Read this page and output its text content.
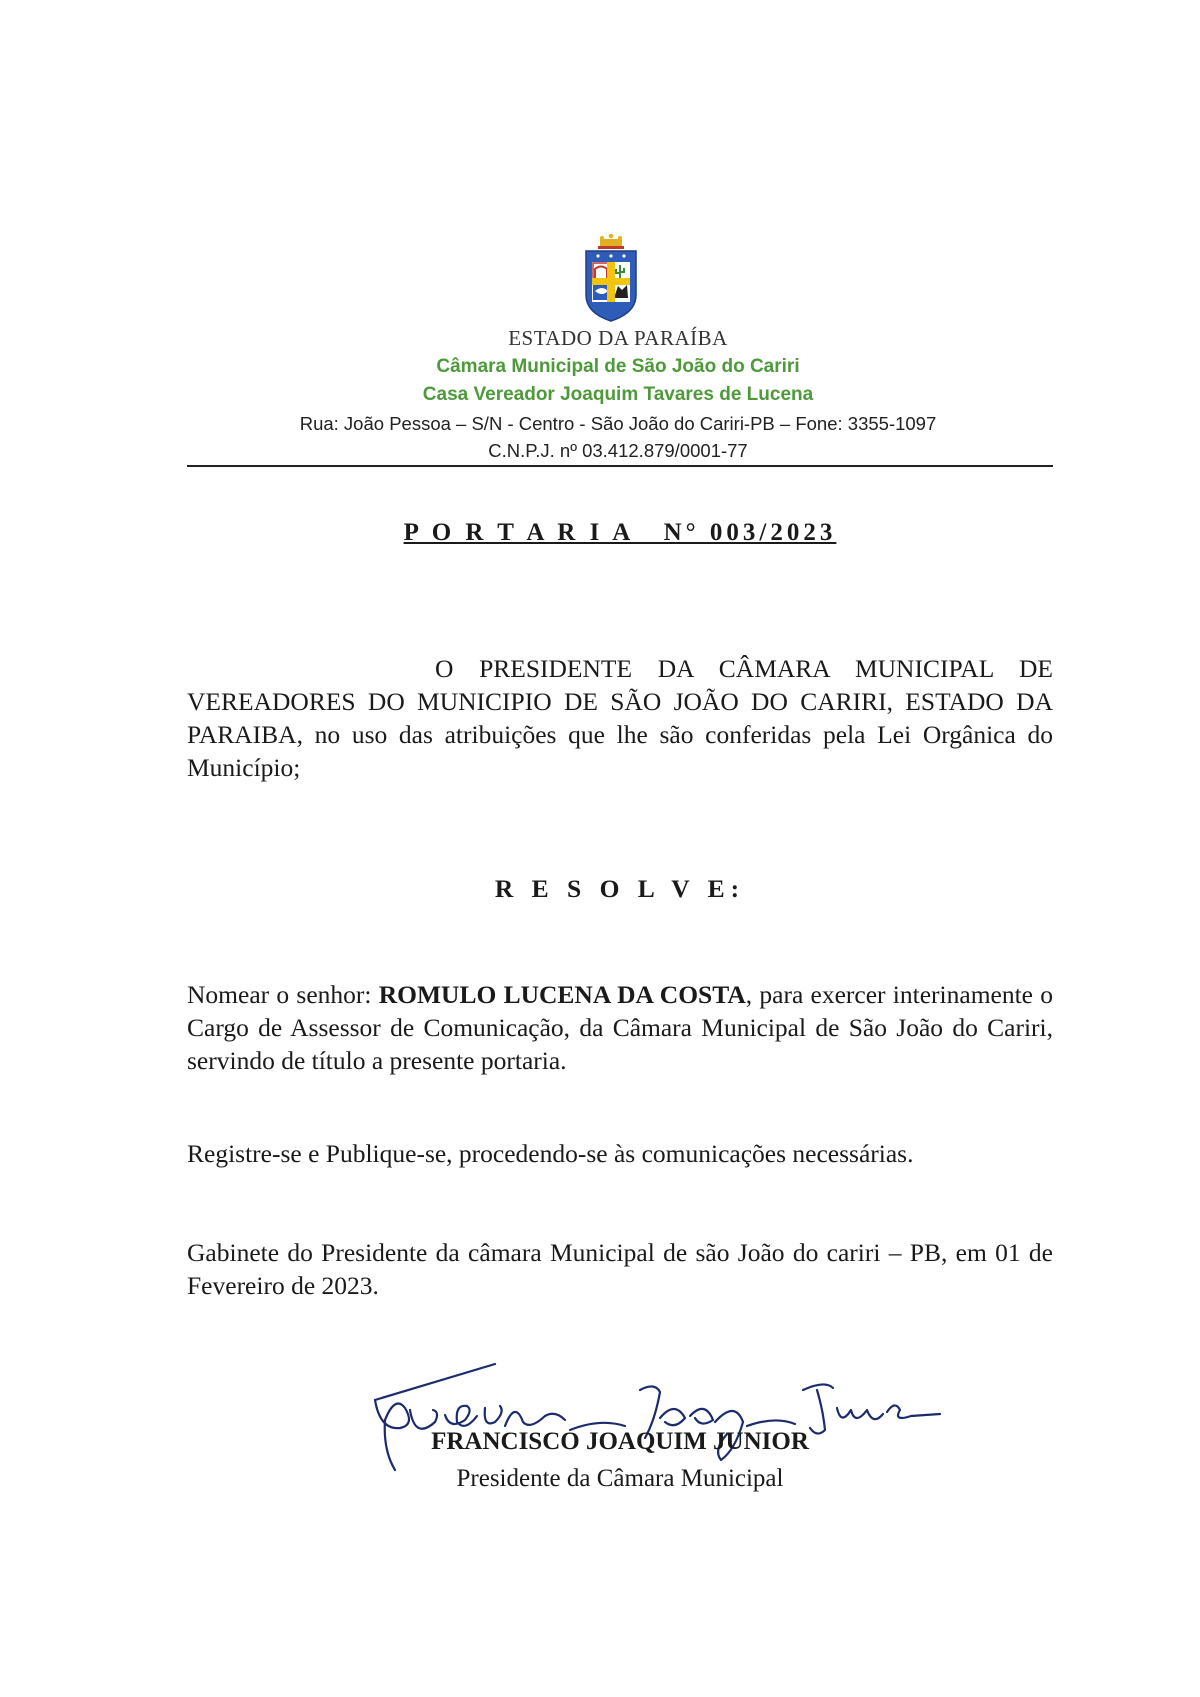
ESTADO DA PARAÍBA
Câmara Municipal de São João do Cariri
Casa Vereador Joaquim Tavares de Lucena
Rua: João Pessoa – S/N - Centro - São João do Cariri-PB – Fone: 3355-1097
C.N.P.J. nº 03.412.879/0001-77
P O R T A R I A   N° 003/2023
O PRESIDENTE DA CÂMARA MUNICIPAL DE
VEREADORES DO MUNICIPIO DE SÃO JOÃO DO CARIRI, ESTADO DA PARAIBA, no uso das atribuições que lhe são conferidas pela Lei Orgânica do Município;
R E S O L V E:
Nomear o senhor: ROMULO LUCENA DA COSTA, para exercer interinamente o Cargo de Assessor de Comunicação, da Câmara Municipal de São João do Cariri, servindo de título a presente portaria.
Registre-se e Publique-se, procedendo-se às comunicações necessárias.
Gabinete do Presidente da câmara Municipal de são João do cariri – PB, em 01 de Fevereiro de 2023.
FRANCISCO JOAQUIM JUNIOR
Presidente da Câmara Municipal
